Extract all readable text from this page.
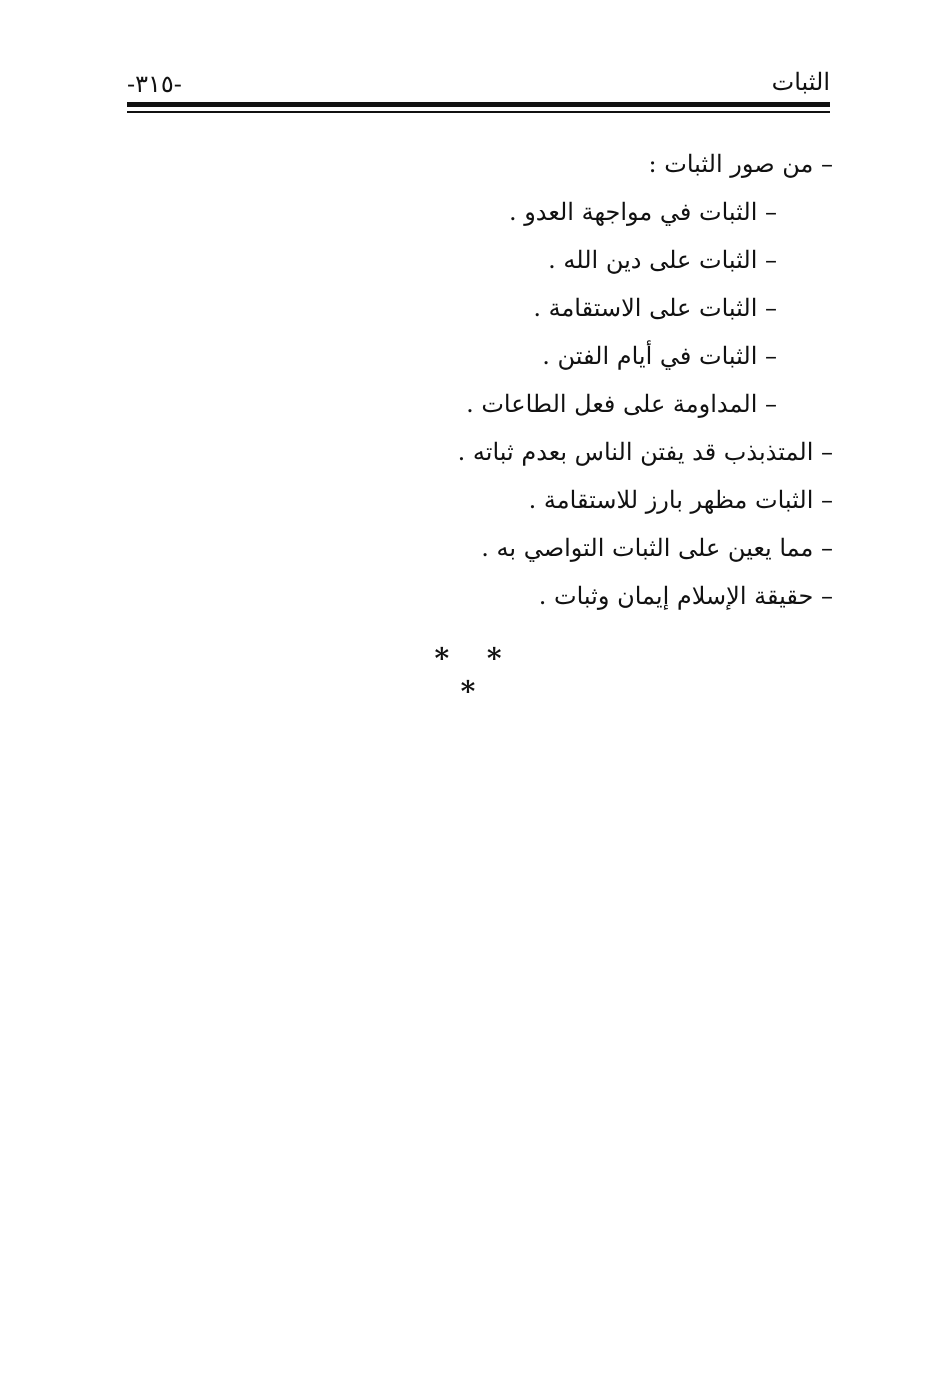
الثبات
-٣١٥-
– من صور الثبات :
– الثبات في مواجهة العدو .
– الثبات على دين الله .
– الثبات على الاستقامة .
– الثبات في أيام الفتن .
– المداومة على فعل الطاعات .
– المتذبذب قد يفتن الناس بعدم ثباته .
– الثبات مظهر بارز للاستقامة .
– مما يعين على الثبات التواصي به .
– حقيقة الإسلام إيمان وثبات .
* * *
